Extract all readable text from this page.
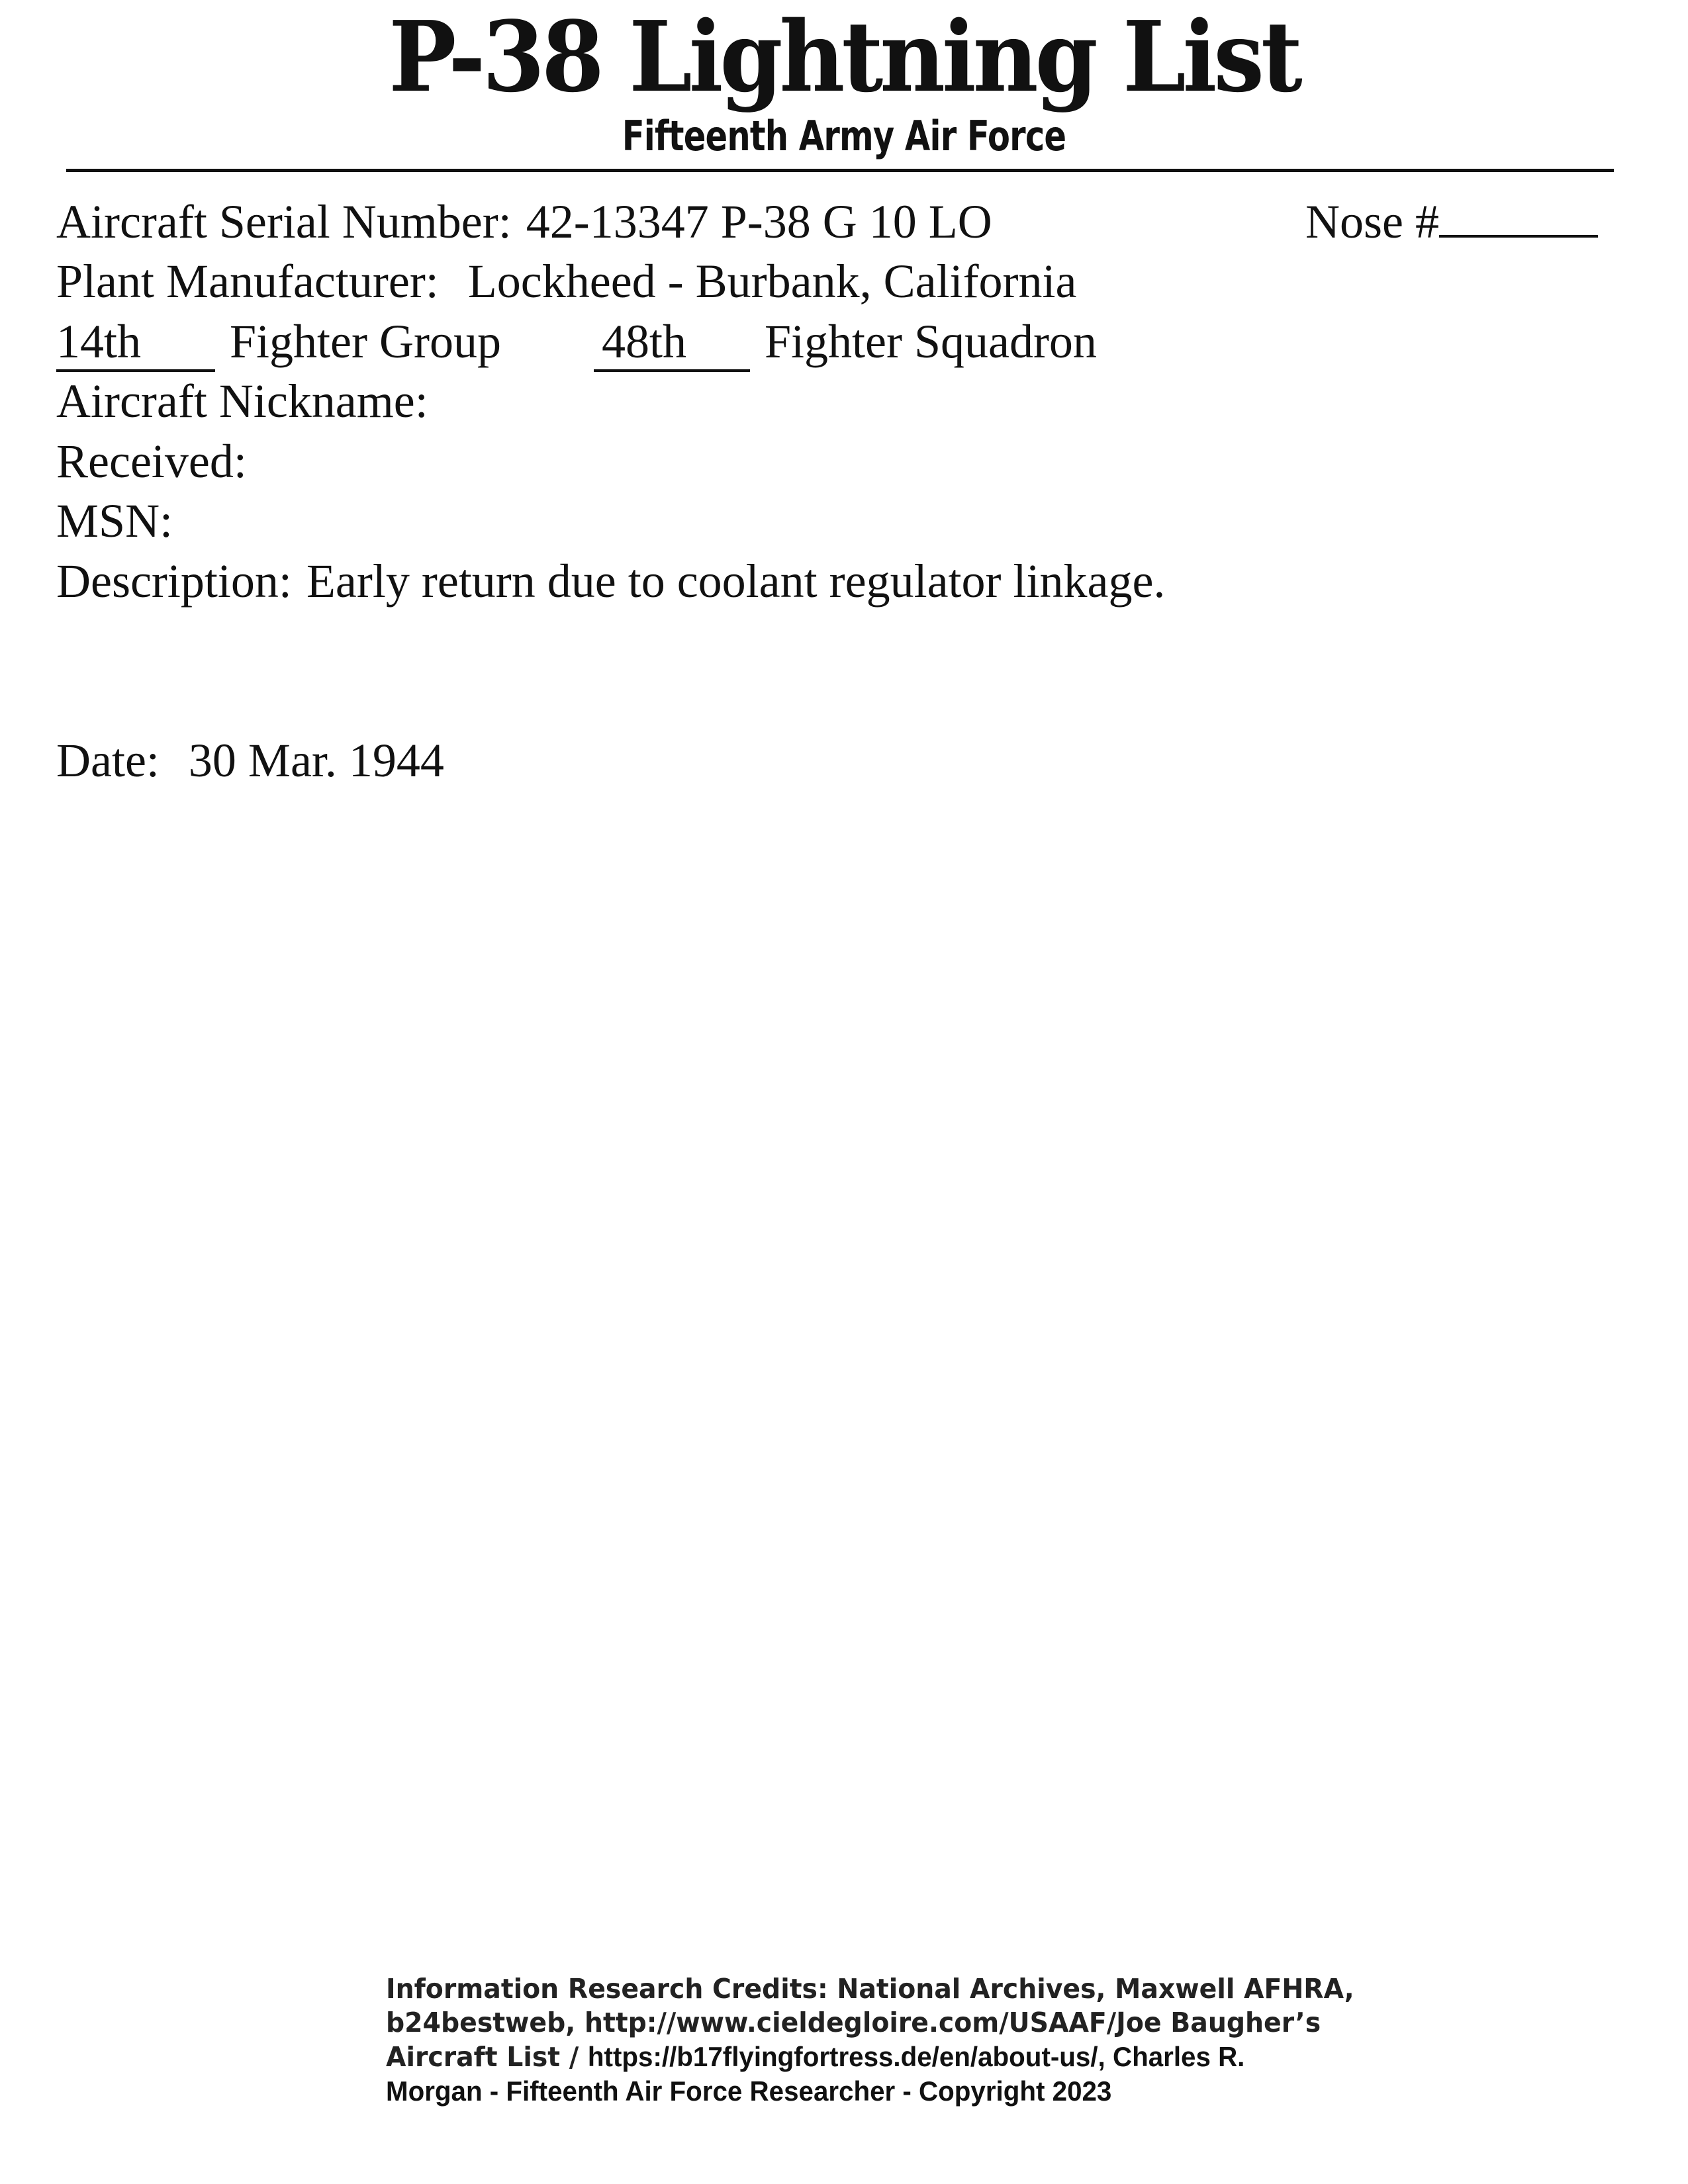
P-38 Lightning List
Fifteenth Army Air Force
Aircraft Serial Number: 42-13347 P-38 G 10 LO	Nose #
Plant Manufacturer: Lockheed - Burbank, California
14th Fighter Group 48th Fighter Squadron
Aircraft Nickname:
Received:
MSN:
Description: Early return due to coolant regulator linkage.
Date: 30 Mar. 1944
Information Research Credits: National Archives, Maxwell AFHRA,
b24bestweb, http://www.cieldegloire.com/USAAF/Joe Baugher’s
Aircraft List / https://b17flyingfortress.de/en/about-us/, Charles R.
Morgan - Fifteenth Air Force Researcher - Copyright 2023
